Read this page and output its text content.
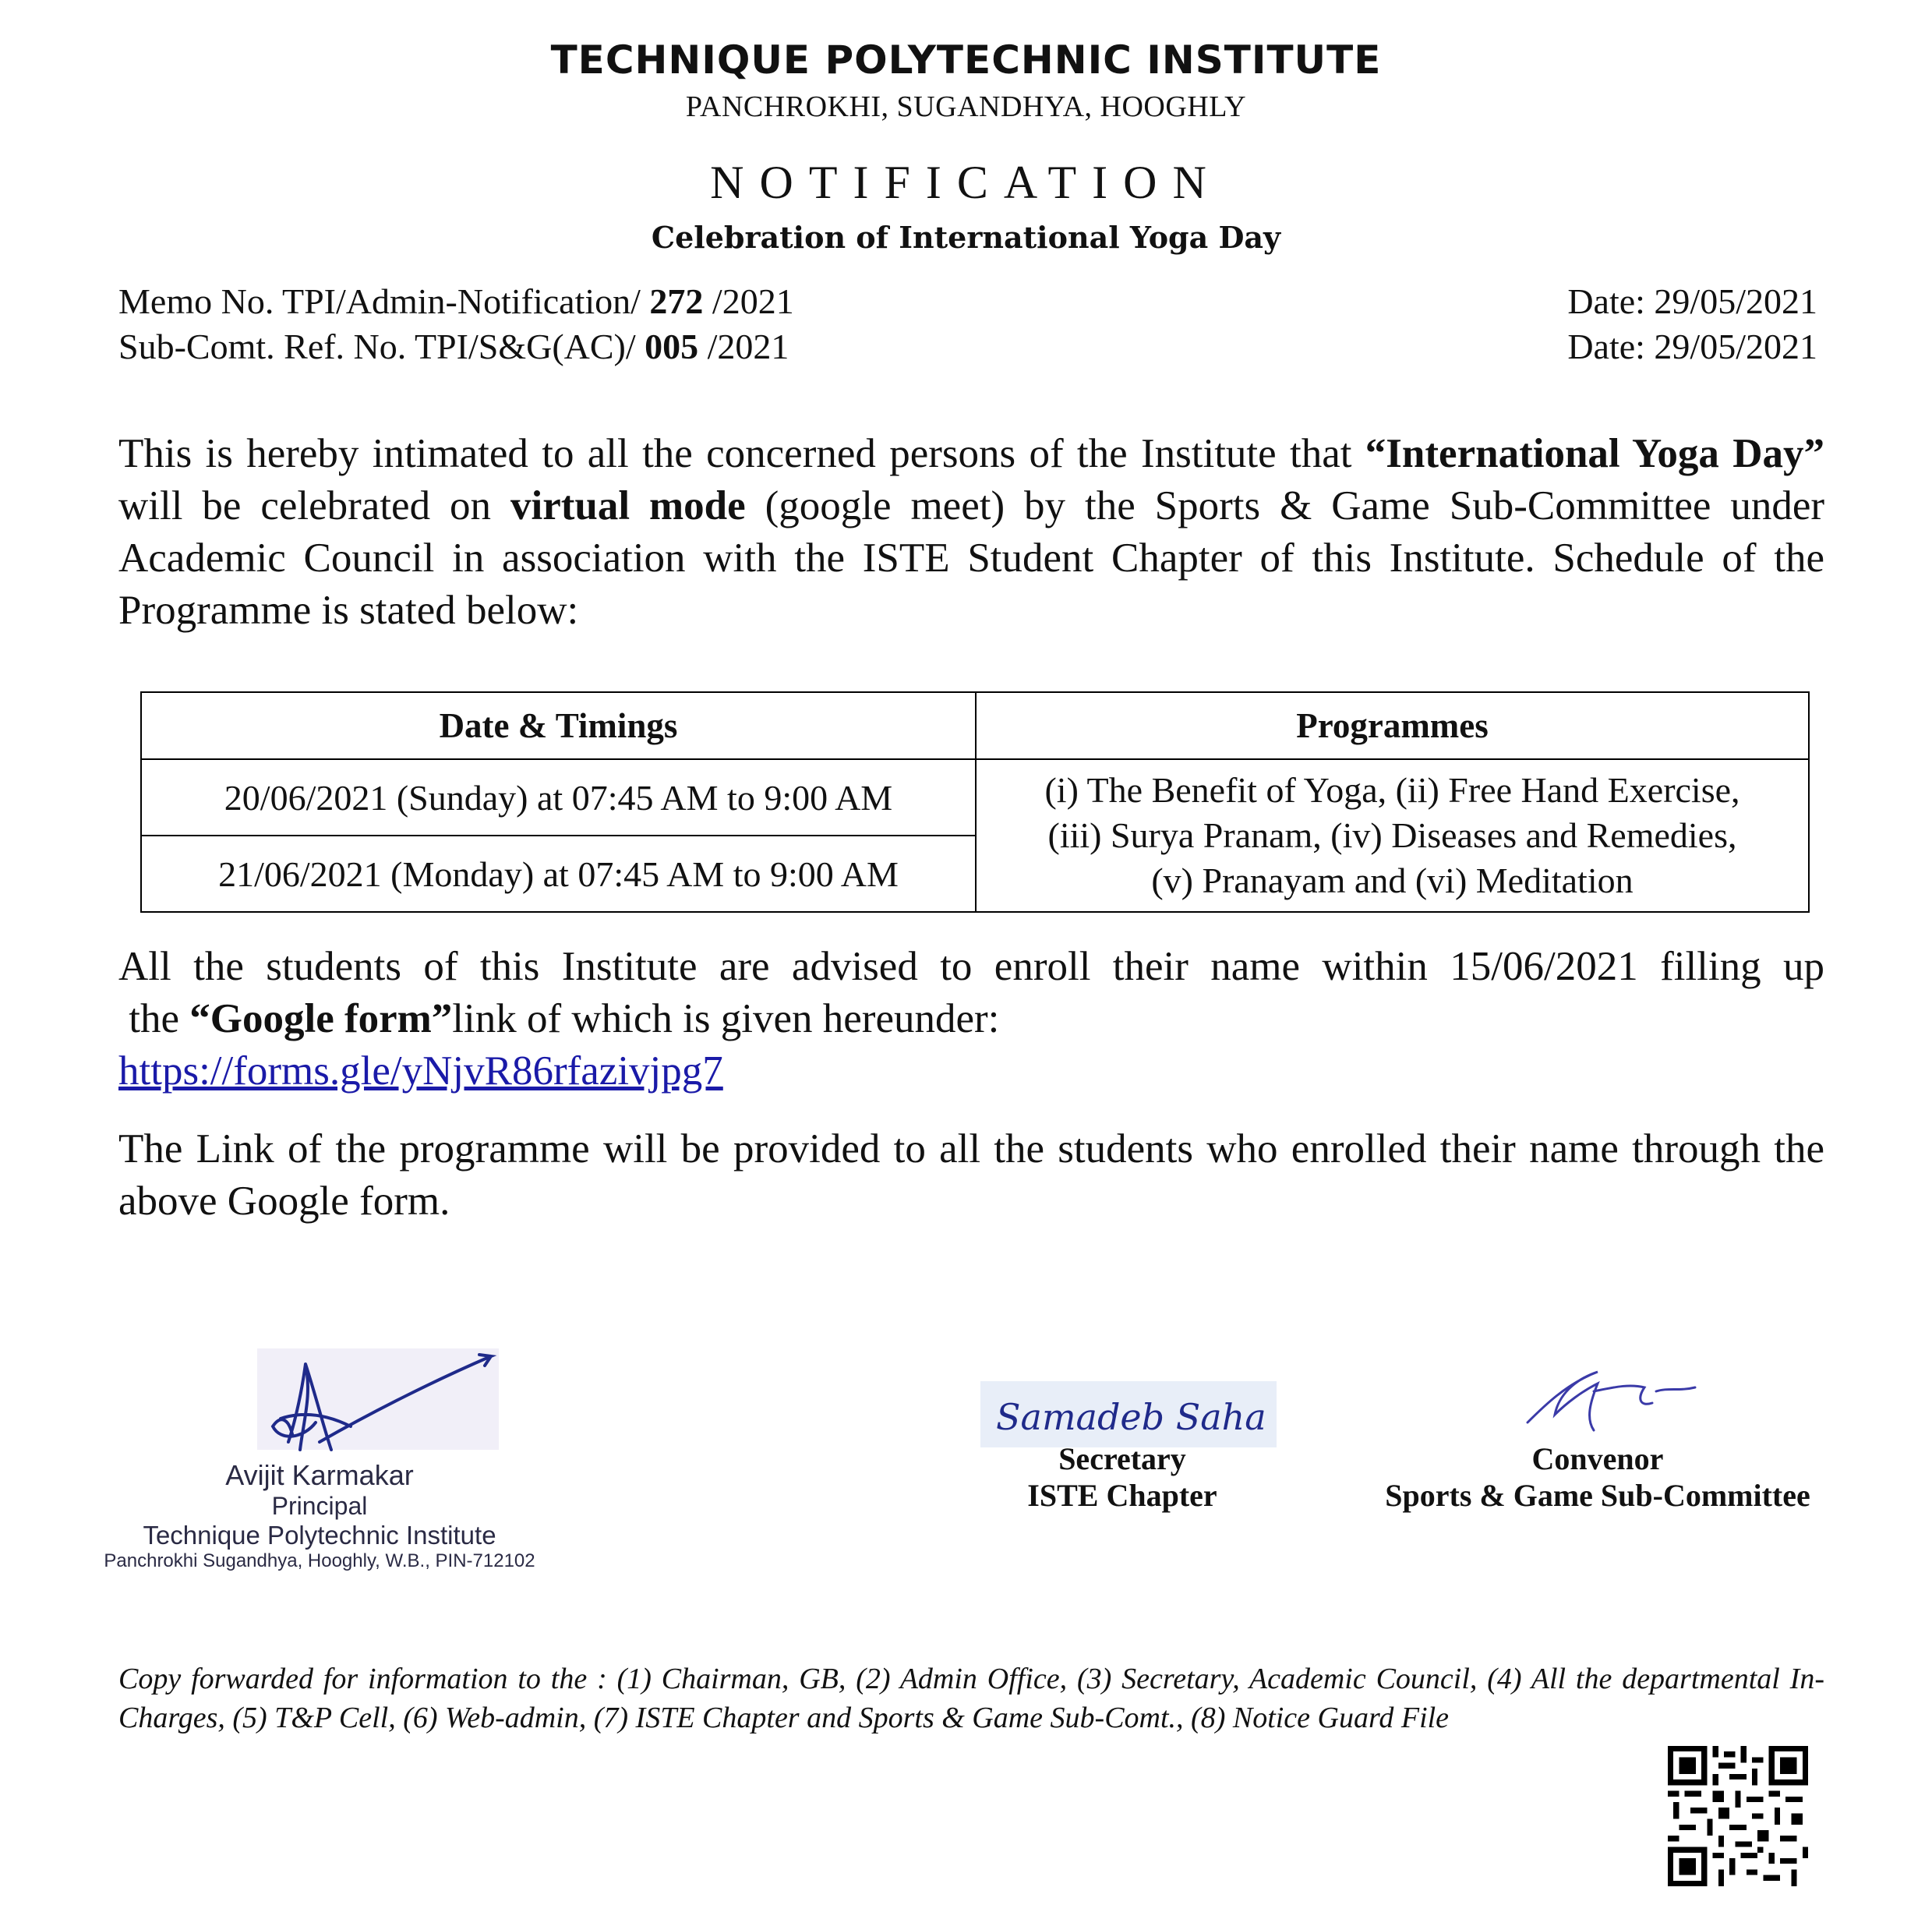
TECHNIQUE POLYTECHNIC INSTITUTE
PANCHROKHI, SUGANDHYA, HOOGHLY
NOTIFICATION
Celebration of International Yoga Day
Memo No. TPI/Admin-Notification/ 272 /2021	Date: 29/05/2021
Sub-Comt. Ref. No. TPI/S&G(AC)/ 005 /2021	Date: 29/05/2021
This is hereby intimated to all the concerned persons of the Institute that “International Yoga Day” will be celebrated on virtual mode (google meet) by the Sports & Game Sub-Committee under Academic Council in association with the ISTE Student Chapter of this Institute. Schedule of the Programme is stated below:
Date & Timings	Programmes
20/06/2021 (Sunday) at 07:45 AM to 9:00 AM	(i) The Benefit of Yoga, (ii) Free Hand Exercise,
(iii) Surya Pranam, (iv) Diseases and Remedies,
(v) Pranayam and (vi) Meditation

21/06/2021 (Monday) at 07:45 AM to 9:00 AM	
All the students of this Institute are advised to enroll their name within 15/06/2021 filling up
the “Google form”link of which is given hereunder:
https://forms.gle/yNjvR86rfazivjpg7
The Link of the programme will be provided to all the students who enrolled their name through the above Google form.
Avijit Karmakar
Principal
Technique Polytechnic Institute
Panchrokhi Sugandhya, Hooghly, W.B., PIN-712102
Samadeb Saha
Secretary
ISTE Chapter
Convenor
Sports & Game Sub-Committee
Copy forwarded for information to the : (1) Chairman, GB, (2) Admin Office, (3) Secretary, Academic Council, (4) All the departmental In-Charges, (5) T&P Cell, (6) Web-admin, (7) ISTE Chapter and Sports & Game Sub-Comt., (8) Notice Guard File
